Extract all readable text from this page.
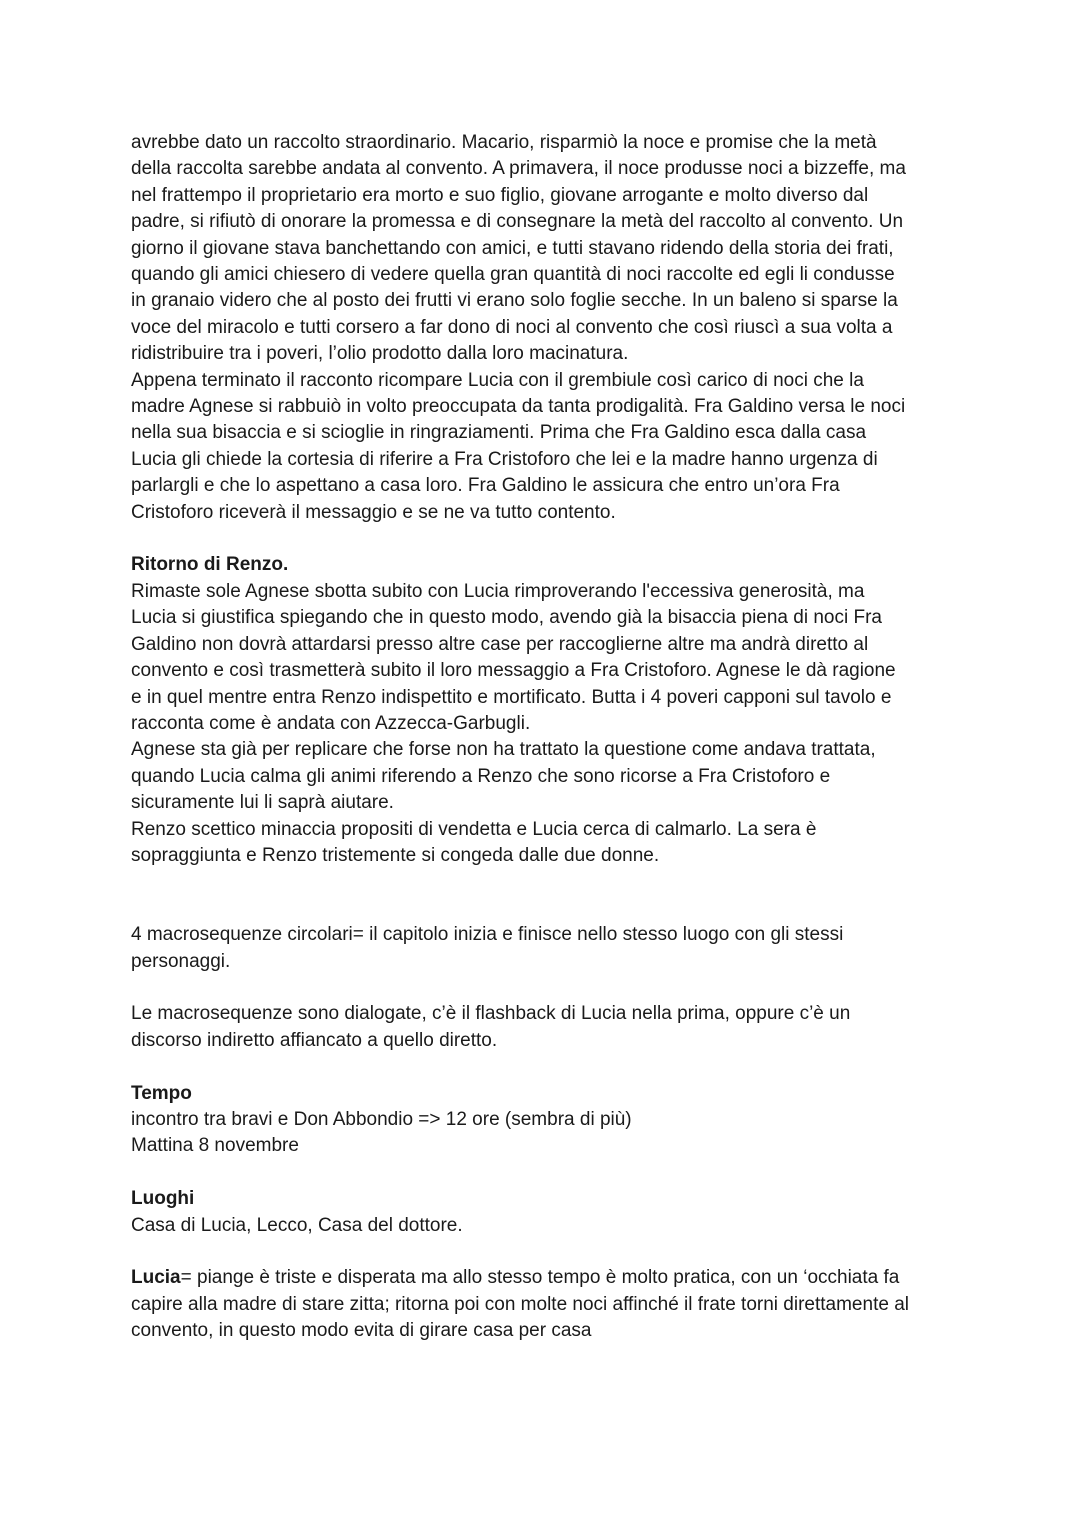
avrebbe dato un raccolto straordinario. Macario, risparmiò la noce e promise che la metà
della raccolta sarebbe andata al convento. A primavera, il noce produsse noci a bizzeffe, ma
nel frattempo il proprietario era morto e suo figlio, giovane arrogante e molto diverso dal
padre, si rifiutò di onorare la promessa e di consegnare la metà del raccolto al convento. Un
giorno il giovane stava banchettando con amici, e tutti stavano ridendo della storia dei frati,
quando gli amici chiesero di vedere quella gran quantità di noci raccolte ed egli li condusse
in granaio videro che al posto dei frutti vi erano solo foglie secche. In un baleno si sparse la
voce del miracolo e tutti corsero a far dono di noci al convento che così riuscì a sua volta a
ridistribuire tra i poveri, l’olio prodotto dalla loro macinatura.
Appena terminato il racconto ricompare Lucia con il grembiule così carico di noci che la
madre Agnese si rabbuiò in volto preoccupata da tanta prodigalità. Fra Galdino versa le noci
nella sua bisaccia e si scioglie in ringraziamenti. Prima che Fra Galdino esca dalla casa
Lucia gli chiede la cortesia di riferire a Fra Cristoforo che lei e la madre hanno urgenza di
parlargli e che lo aspettano a casa loro. Fra Galdino le assicura che entro un’ora Fra
Cristoforo riceverà il messaggio e se ne va tutto contento.
Ritorno di Renzo.
Rimaste sole Agnese sbotta subito con Lucia rimproverando l'eccessiva generosità, ma
Lucia si giustifica spiegando che in questo modo, avendo già la bisaccia piena di noci Fra
Galdino non dovrà attardarsi presso altre case per raccoglierne altre ma andrà diretto al
convento e così trasmetterà subito il loro messaggio a Fra Cristoforo. Agnese le dà ragione
e in quel mentre entra Renzo indispettito e mortificato. Butta i 4 poveri capponi sul tavolo e
racconta come è andata con Azzecca-Garbugli.
Agnese sta già per replicare che forse non ha trattato la questione come andava trattata,
quando Lucia calma gli animi riferendo a Renzo che sono ricorse a Fra Cristoforo e
sicuramente lui li saprà aiutare.
Renzo scettico minaccia propositi di vendetta e Lucia cerca di calmarlo. La sera è
sopraggiunta e Renzo tristemente si congeda dalle due donne.
4 macrosequenze circolari= il capitolo inizia e finisce nello stesso luogo con gli stessi
personaggi.
Le macrosequenze sono dialogate, c’è il flashback di Lucia nella prima, oppure c’è un
discorso indiretto affiancato a quello diretto.
Tempo
incontro tra bravi e Don Abbondio => 12 ore (sembra di più)
Mattina 8 novembre
Luoghi
Casa di Lucia, Lecco, Casa del dottore.
Lucia= piange è triste e disperata ma allo stesso tempo è molto pratica, con un ‘occhiata fa
capire alla madre di stare zitta; ritorna poi con molte noci affinché il frate torni direttamente al
convento, in questo modo evita di girare casa per casa
